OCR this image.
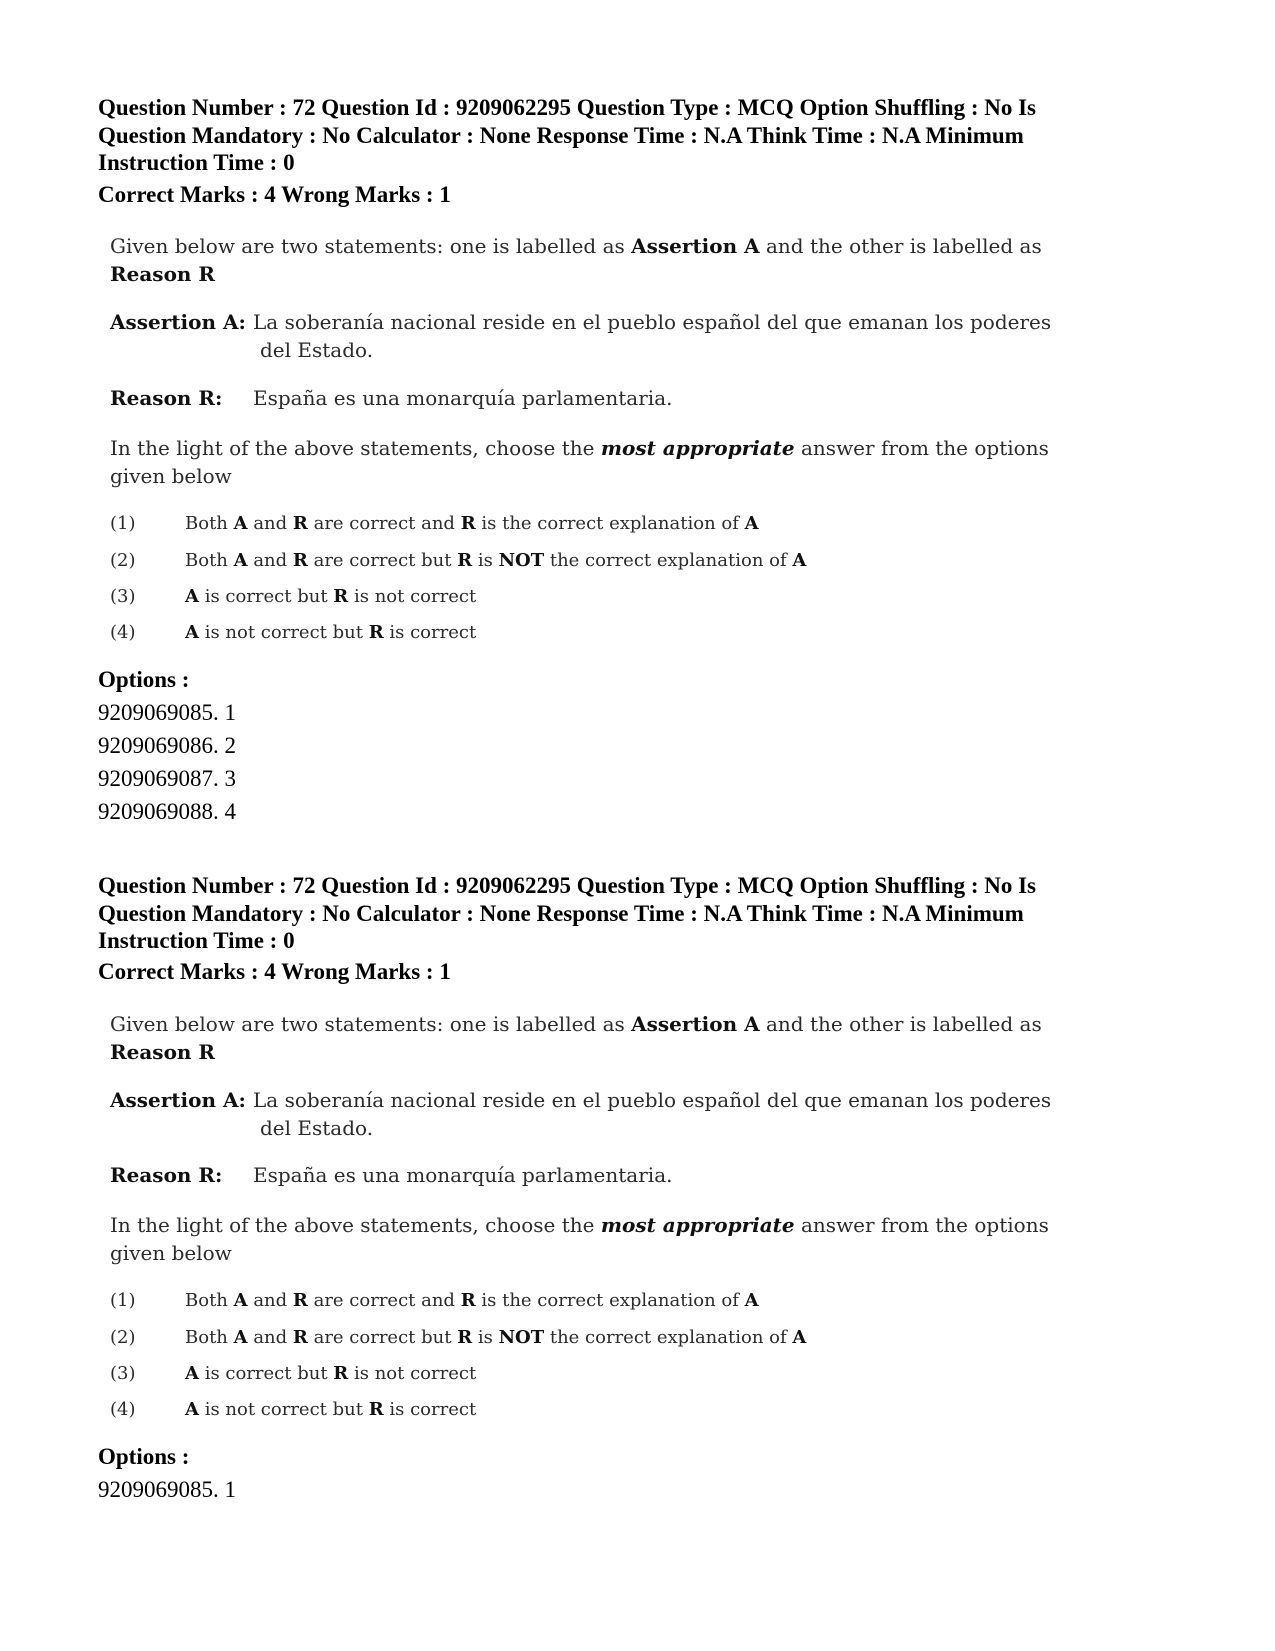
Question Number : 72 Question Id : 9209062295 Question Type : MCQ Option Shuffling : No Is Question Mandatory : No Calculator : None Response Time : N.A Think Time : N.A Minimum Instruction Time : 0
Correct Marks : 4 Wrong Marks : 1
Given below are two statements: one is labelled as Assertion A and the other is labelled as
Reason R
Assertion A: La soberanía nacional reside en el pueblo español del que emanan los poderes
del Estado.
Reason R: España es una monarquía parlamentaria.
In the light of the above statements, choose the most appropriate answer from the options given below
(1)	Both A and R are correct and R is the correct explanation of A
(2)	Both A and R are correct but R is NOT the correct explanation of A
(3)	A is correct but R is not correct
(4)	A is not correct but R is correct
Options :
9209069085. 1
9209069086. 2
9209069087. 3
9209069088. 4
Question Number : 72 Question Id : 9209062295 Question Type : MCQ Option Shuffling : No Is Question Mandatory : No Calculator : None Response Time : N.A Think Time : N.A Minimum Instruction Time : 0
Correct Marks : 4 Wrong Marks : 1
Given below are two statements: one is labelled as Assertion A and the other is labelled as
Reason R
Assertion A: La soberanía nacional reside en el pueblo español del que emanan los poderes
del Estado.
Reason R: España es una monarquía parlamentaria.
In the light of the above statements, choose the most appropriate answer from the options given below
(1)	Both A and R are correct and R is the correct explanation of A
(2)	Both A and R are correct but R is NOT the correct explanation of A
(3)	A is correct but R is not correct
(4)	A is not correct but R is correct
Options :
9209069085. 1
